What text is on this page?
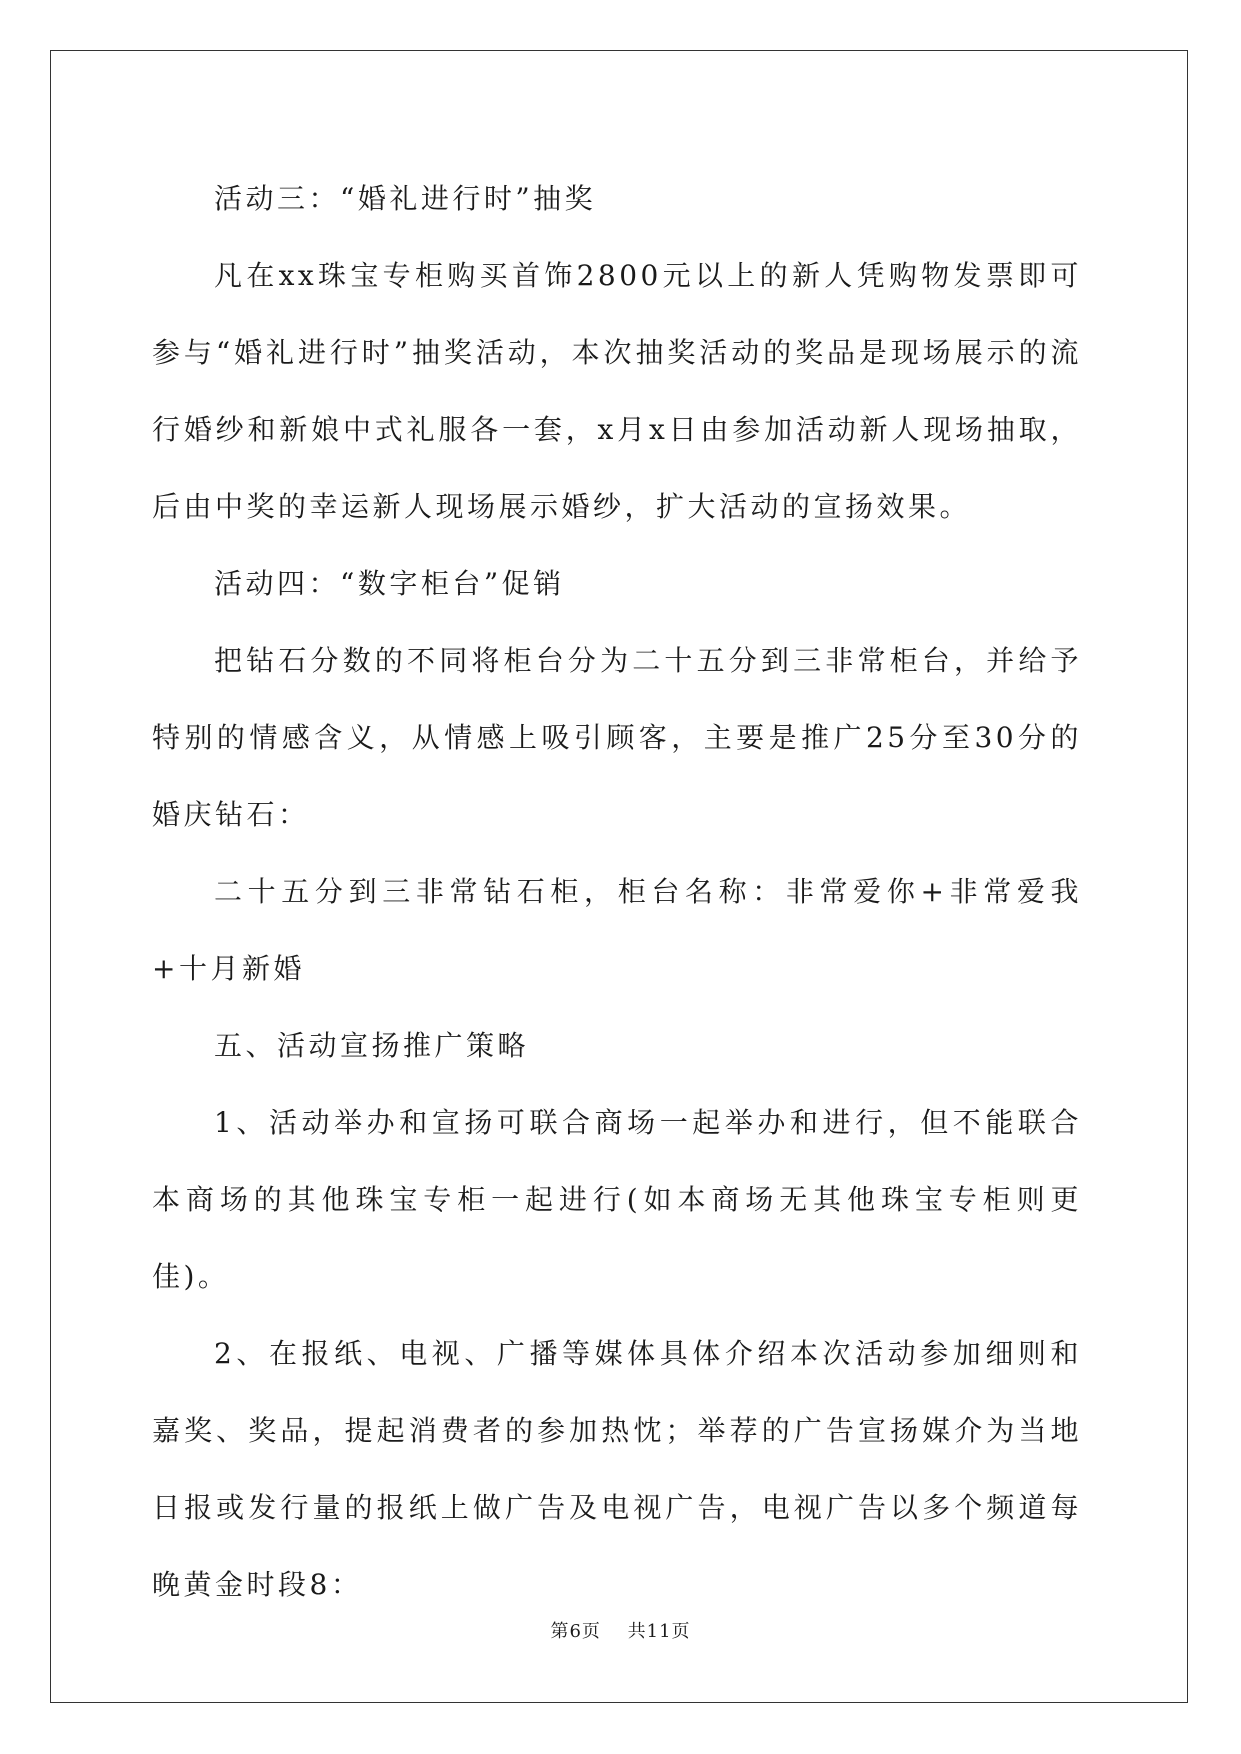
活动三：“婚礼进行时”抽奖

凡在xx珠宝专柜购买首饰2800元以上的新人凭购物发票即可参与“婚礼进行时”抽奖活动，本次抽奖活动的奖品是现场展示的流行婚纱和新娘中式礼服各一套，x月x日由参加活动新人现场抽取，后由中奖的幸运新人现场展示婚纱，扩大活动的宣扬效果。

活动四：“数字柜台”促销

把钻石分数的不同将柜台分为二十五分到三非常柜台，并给予特别的情感含义，从情感上吸引顾客，主要是推广25分至30分的婚庆钻石：

二十五分到三非常钻石柜，柜台名称：非常爱你+非常爱我+十月新婚

五、活动宣扬推广策略

1、活动举办和宣扬可联合商场一起举办和进行，但不能联合本商场的其他珠宝专柜一起进行(如本商场无其他珠宝专柜则更佳)。

2、在报纸、电视、广播等媒体具体介绍本次活动参加细则和嘉奖、奖品，提起消费者的参加热忱；举荐的广告宣扬媒介为当地日报或发行量的报纸上做广告及电视广告，电视广告以多个频道每晚黄金时段8：

第6页 共11页
